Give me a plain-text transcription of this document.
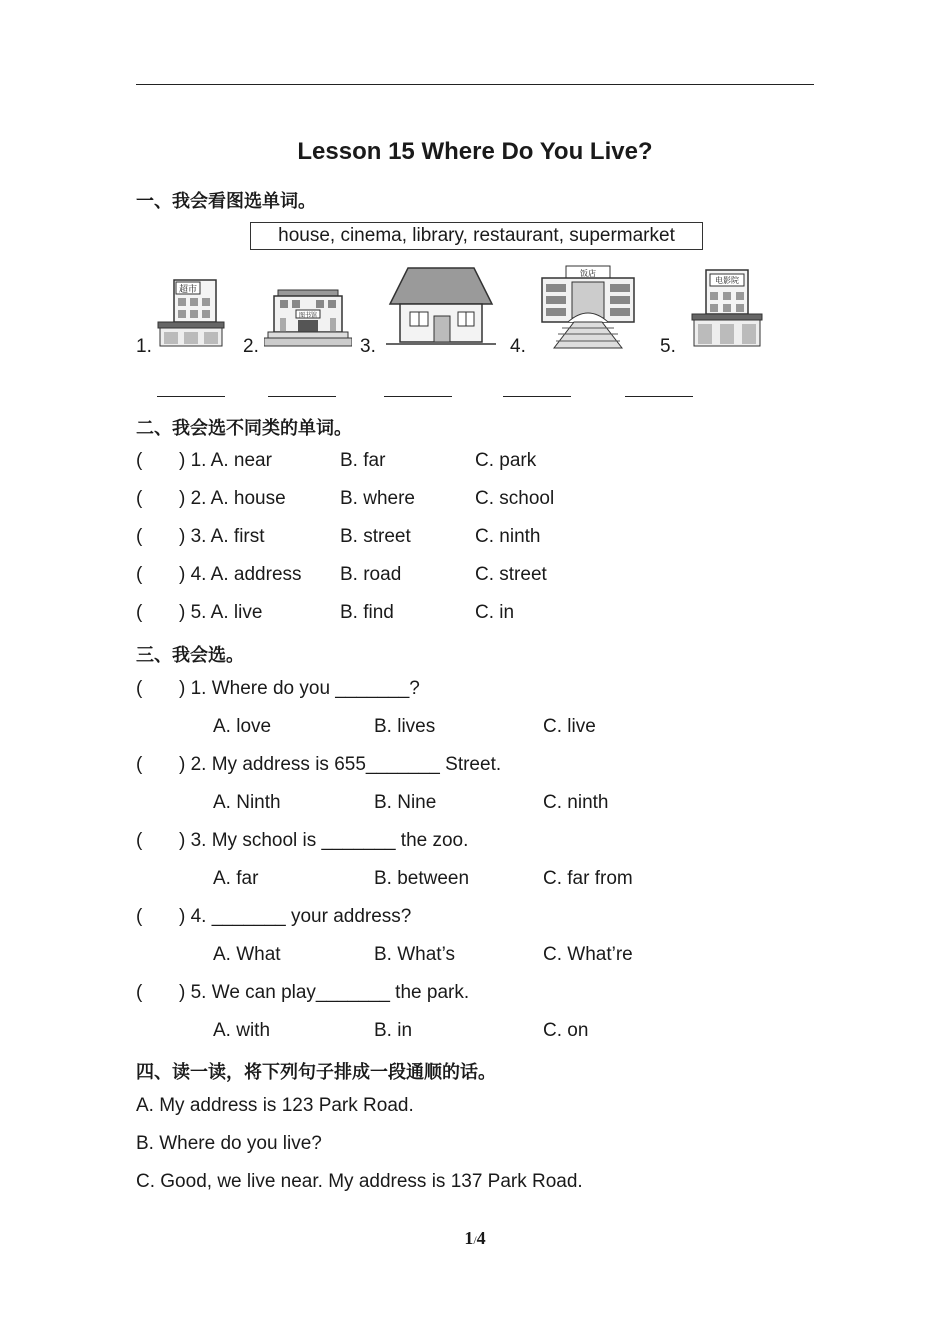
Lesson 15 Where Do You Live?
一、我会看图选单词。
house, cinema, library, restaurant, supermarket
1.
超市
2.
图书馆
3.	4.
饭店
5.
电影院
二、我会选不同类的单词。
( ) 1. A. near	B. far	C. park
( ) 2. A. house	B. where	C. school
( ) 3. A. first	B. street	C. ninth
( ) 4. A. address B. road	C. street
( ) 5. A. live	B. find	C. in
三、我会选。
( ) 1. Where do you _______?
A. love	B. lives	C. live
( ) 2. My address is 655_______ Street.
A. Ninth	B. Nine	C. ninth
( ) 3. My school is _______ the zoo.
A. far	B. between	C. far from
( ) 4. _______ your address?
A. What	B. What’s	C. What’re
( ) 5. We can play_______ the park.
A. with	B. in	C. on
四、读一读，将下列句子排成一段通顺的话。
A. My address is 123 Park Road.
B. Where do you live?
C. Good, we live near. My address is 137 Park Road.
1/4
